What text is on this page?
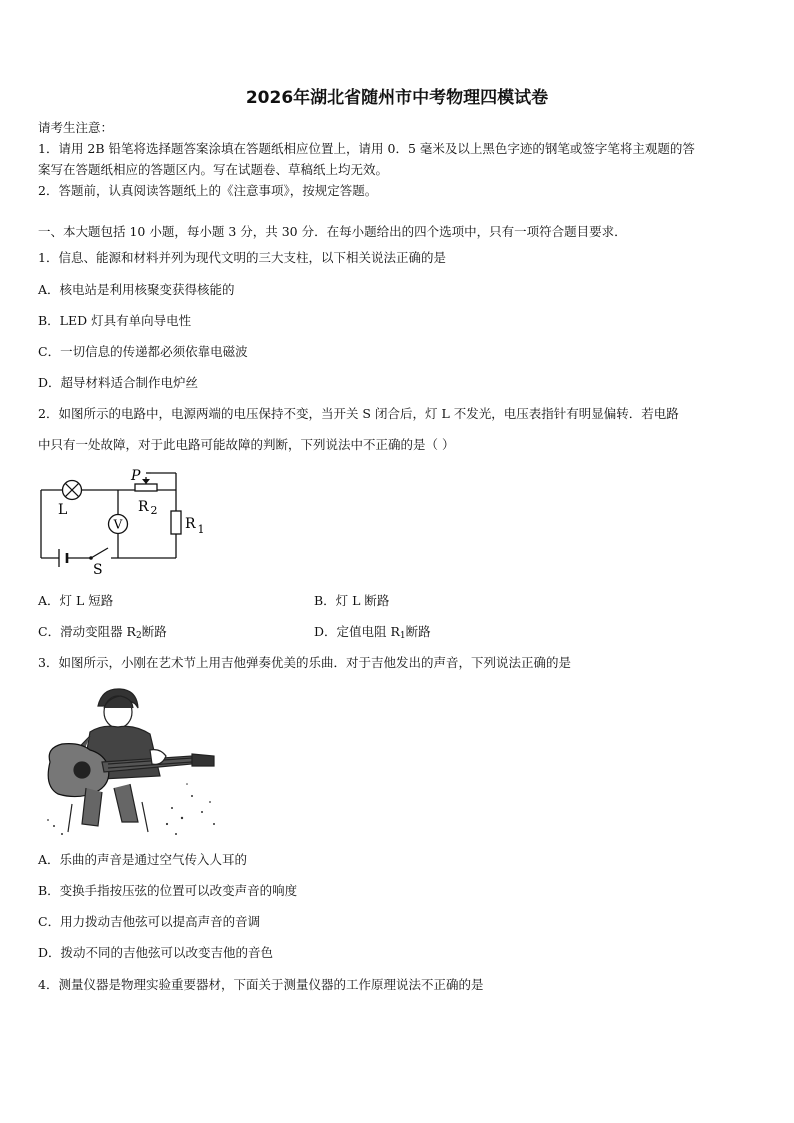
2026年湖北省随州市中考物理四模试卷
请考生注意：
1．请用 2B 铅笔将选择题答案涂填在答题纸相应位置上，请用 0．5 毫米及以上黑色字迹的钢笔或签字笔将主观题的答
案写在答题纸相应的答题区内。写在试题卷、草稿纸上均无效。
2．答题前，认真阅读答题纸上的《注意事项》，按规定答题。
一、本大题包括 10 小题，每小题 3 分，共 30 分．在每小题给出的四个选项中，只有一项符合题目要求．
1．信息、能源和材料并列为现代文明的三大支柱，以下相关说法正确的是
A．核电站是利用核聚变获得核能的
B．LED 灯具有单向导电性
C．一切信息的传递都必须依靠电磁波
D．超导材料适合制作电炉丝
2．如图所示的电路中，电源两端的电压保持不变，当开关 S 闭合后，灯 L 不发光，电压表指针有明显偏转．若电路
中只有一处故障，对于此电路可能故障的判断，下列说法中不正确的是（ ）
V
P
L	R $_2$
R $_1$
S
A．灯 L 短路	B．灯 L 断路
C．滑动变阻器 $R_2$断路	D．定值电阻 $R_1$断路
3．如图所示，小刚在艺术节上用吉他弹奏优美的乐曲．对于吉他发出的声音，下列说法正确的是
A．乐曲的声音是通过空气传入人耳的
B．变换手指按压弦的位置可以改变声音的响度
C．用力拨动吉他弦可以提高声音的音调
D．拨动不同的吉他弦可以改变吉他的音色
4．测量仪器是物理实验重要器材，下面关于测量仪器的工作原理说法不正确的是
